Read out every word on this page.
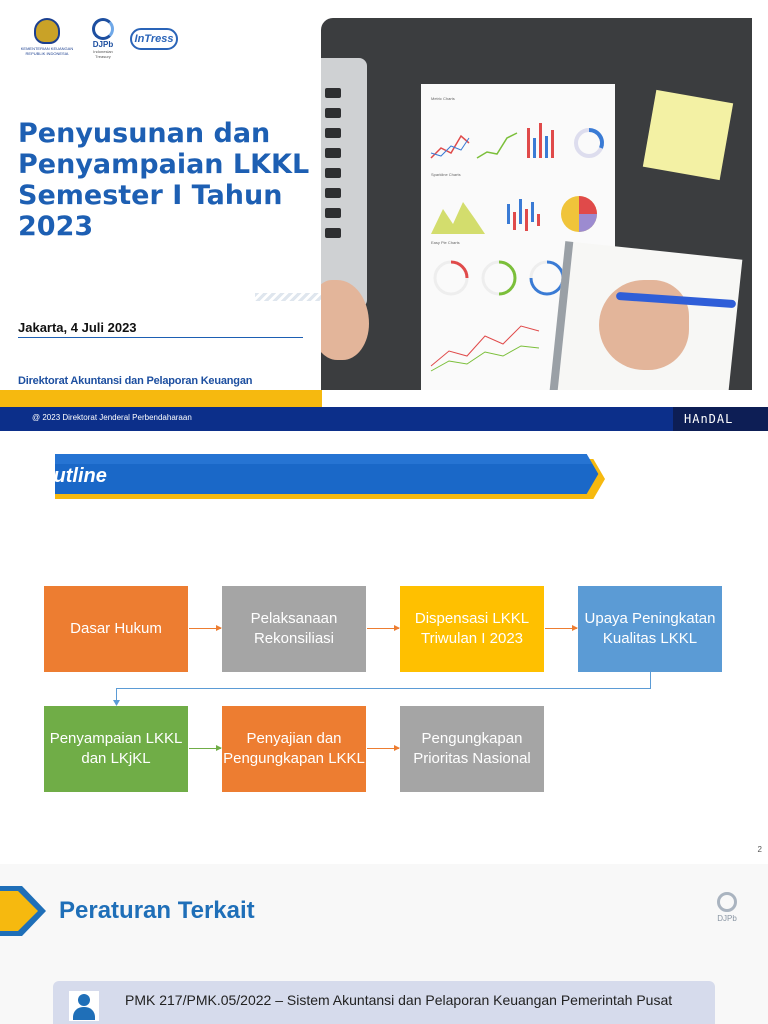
KEMENTERIAN KEUANGAN REPUBLIK INDONESIA
DJPb
Indonesian Treasury
InTress
Penyusunan dan Penyampaian LKKL Semester I Tahun 2023
Jakarta, 4 Juli 2023
Direktorat Akuntansi dan Pelaporan Keuangan
Metric Charts
Sparkline Charts
Easy Pie Charts
@ 2023 Direktorat Jenderal Perbendaharaan	HAnDAL
Outline
Dasar Hukum
Pelaksanaan Rekonsiliasi
Dispensasi LKKL Triwulan I 2023
Upaya Peningkatan Kualitas LKKL
Penyampaian LKKL dan LKjKL
Penyajian dan Pengungkapan LKKL
Pengungkapan Prioritas Nasional
2
Peraturan Terkait	DJPb
PMK 217/PMK.05/2022 – Sistem Akuntansi dan Pelaporan Keuangan Pemerintah Pusat
